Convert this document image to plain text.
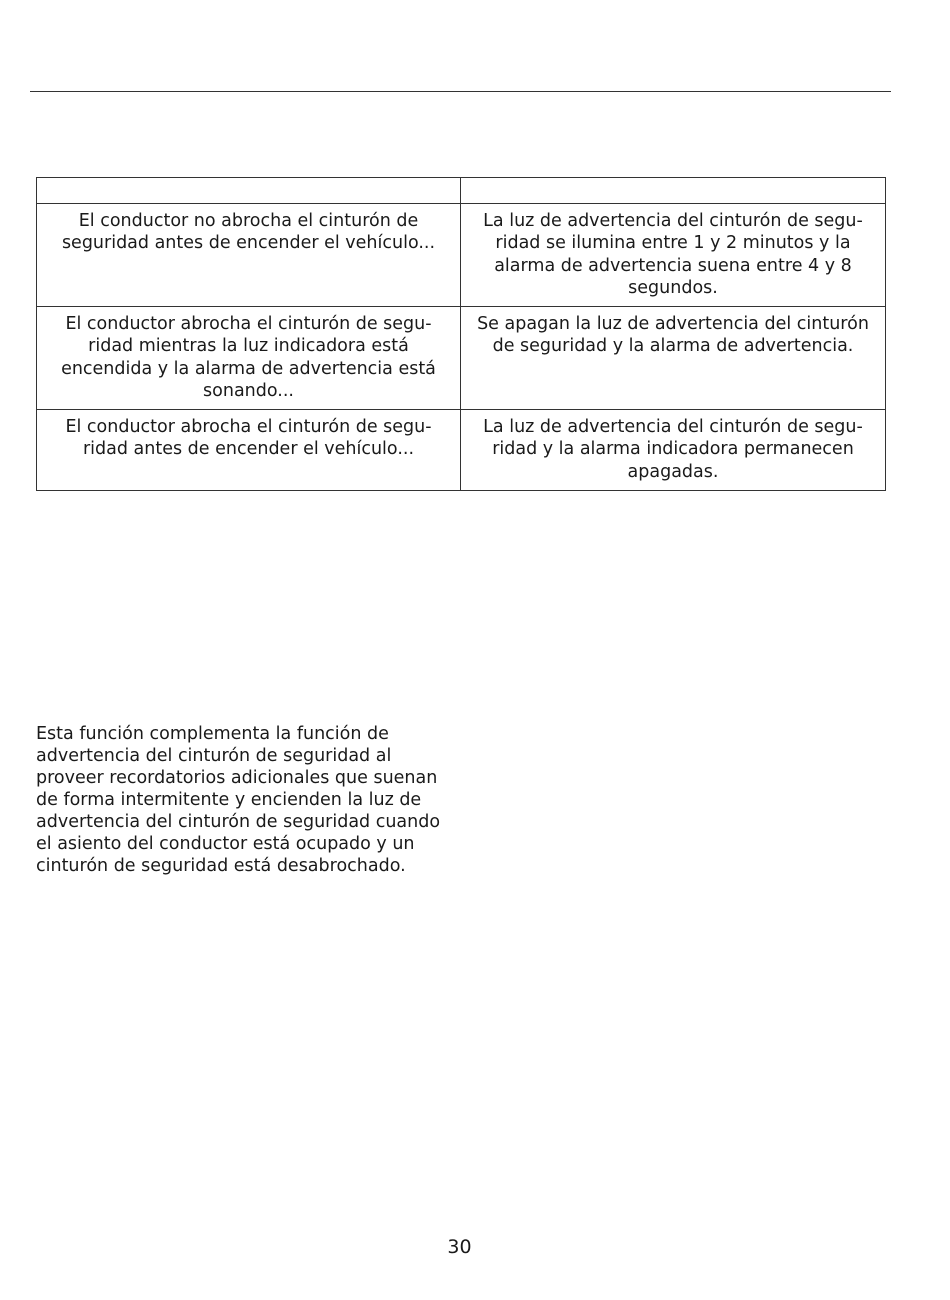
El conductor no abrocha el cinturón de seguridad antes de encender el vehículo...	La luz de advertencia del cinturón de segu-ridad se ilumina entre 1 y 2 minutos y la alarma de advertencia suena entre 4 y 8 segundos.
El conductor abrocha el cinturón de segu-ridad mientras la luz indicadora está encendida y la alarma de advertencia está sonando...	Se apagan la luz de advertencia del cinturón de seguridad y la alarma de advertencia.
El conductor abrocha el cinturón de segu-ridad antes de encender el vehículo...	La luz de advertencia del cinturón de segu-ridad y la alarma indicadora permanecen apagadas.

Esta función complementa la función de advertencia del cinturón de seguridad al proveer recordatorios adicionales que suenan de forma intermitente y encienden la luz de advertencia del cinturón de seguridad cuando el asiento del conductor está ocupado y un cinturón de seguridad está desabrochado.

30
